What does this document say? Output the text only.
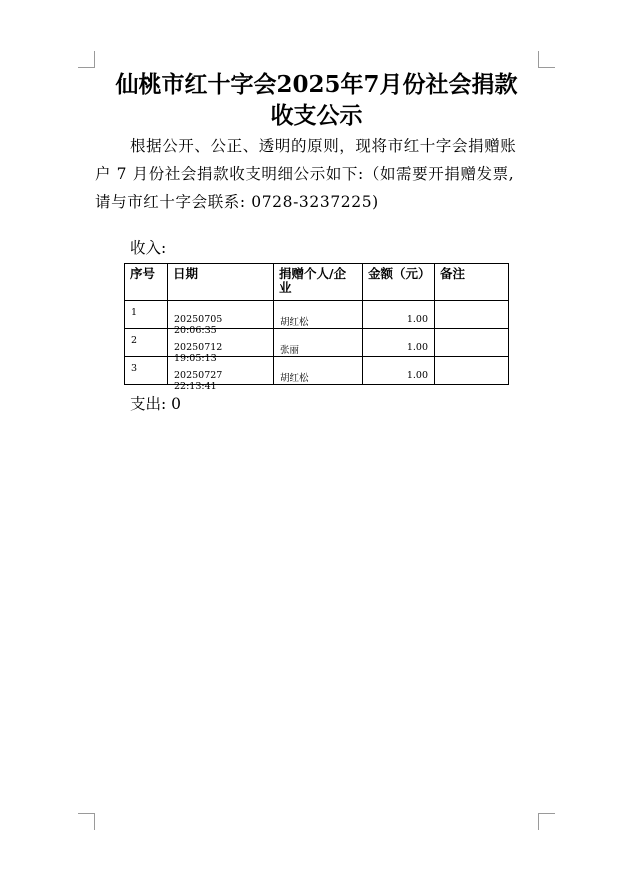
仙桃市红十字会2025年7月份社会捐款
收支公示
根据公开、公正、透明的原则，现将市红十字会捐赠账
户 7 月份社会捐款收支明细公示如下:（如需要开捐赠发票,
请与市红十字会联系: 0728-3237225)
收入:
序号	日期	捐赠个人/企业	金额（元）	备注

1	20250705 20:06:35	胡红松	1.00	

2	20250712 19:05:13	张丽	1.00	

3	20250727 22:13:41	胡红松	1.00	

支出: 0
